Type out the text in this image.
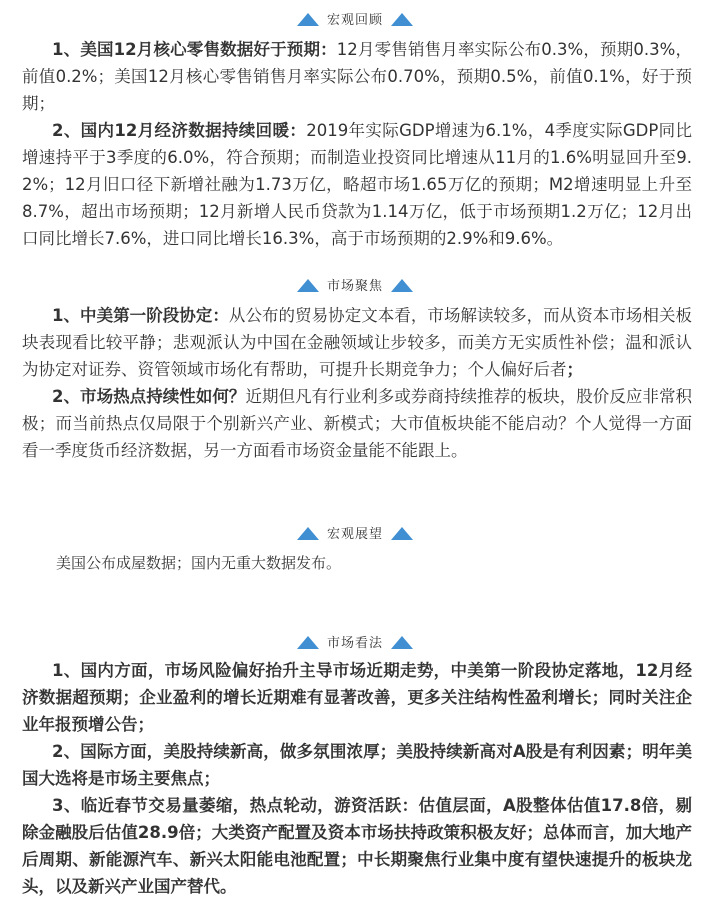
宏观回顾
1、美国12月核心零售数据好于预期：12月零售销售月率实际公布0.3%，预期0.3%，前值0.2%；美国12月核心零售销售月率实际公布0.70%，预期0.5%，前值0.1%，好于预期；
2、国内12月经济数据持续回暖：2019年实际GDP增速为6.1%，4季度实际GDP同比增速持平于3季度的6.0%，符合预期；而制造业投资同比增速从11月的1.6%明显回升至9.2%；12月旧口径下新增社融为1.73万亿，略超市场1.65万亿的预期；M2增速明显上升至8.7%，超出市场预期；12月新增人民币贷款为1.14万亿，低于市场预期1.2万亿；12月出口同比增长7.6%，进口同比增长16.3%，高于市场预期的2.9%和9.6%。
市场聚焦
1、中美第一阶段协定：从公布的贸易协定文本看，市场解读较多，而从资本市场相关板块表现看比较平静；悲观派认为中国在金融领域让步较多，而美方无实质性补偿；温和派认为协定对证券、资管领域市场化有帮助，可提升长期竞争力；个人偏好后者；
2、市场热点持续性如何？近期但凡有行业利多或券商持续推荐的板块，股价反应非常积极；而当前热点仅局限于个别新兴产业、新模式；大市值板块能不能启动？个人觉得一方面看一季度货币经济数据，另一方面看市场资金量能不能跟上。
宏观展望
美国公布成屋数据；国内无重大数据发布。
市场看法
1、国内方面，市场风险偏好抬升主导市场近期走势，中美第一阶段协定落地，12月经济数据超预期；企业盈利的增长近期难有显著改善，更多关注结构性盈利增长；同时关注企业年报预增公告；
2、国际方面，美股持续新高，做多氛围浓厚；美股持续新高对A股是有利因素；明年美国大选将是市场主要焦点；
3、临近春节交易量萎缩，热点轮动，游资活跃：估值层面，A股整体估值17.8倍，剔除金融股后估值28.9倍；大类资产配置及资本市场扶持政策积极友好；总体而言，加大地产后周期、新能源汽车、新兴太阳能电池配置；中长期聚焦行业集中度有望快速提升的板块龙头，以及新兴产业国产替代。
